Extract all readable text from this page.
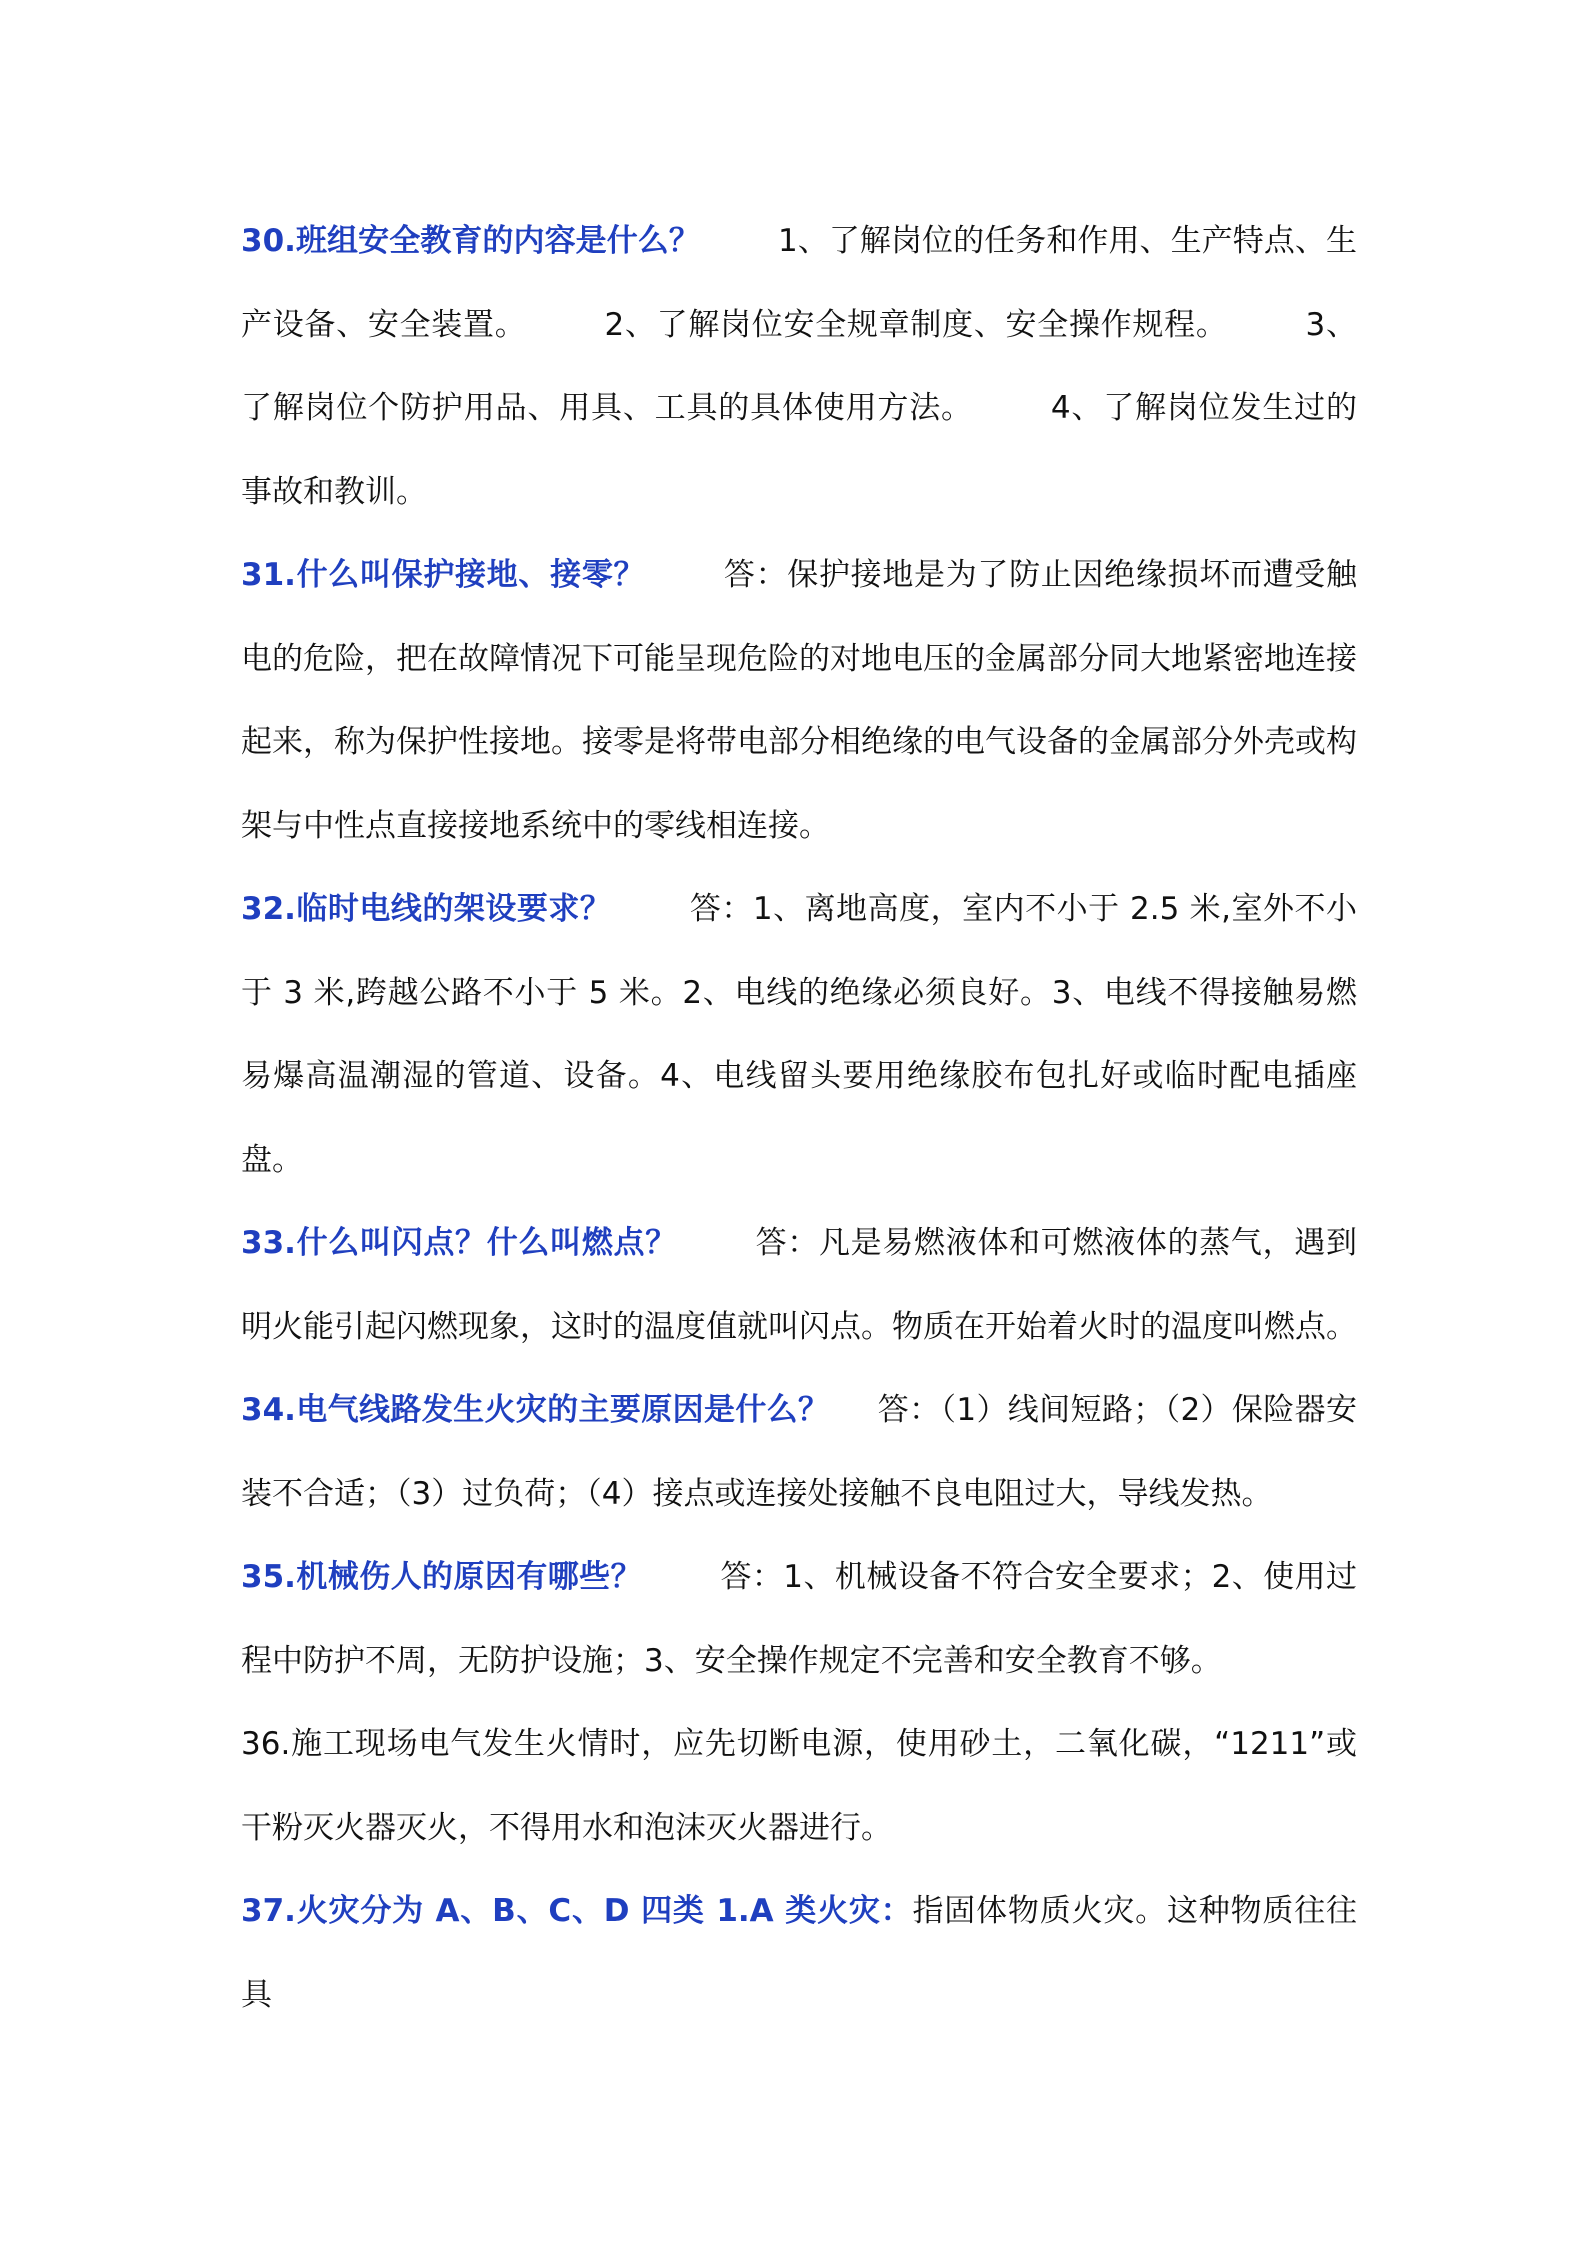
30.班组安全教育的内容是什么？	1、了解岗位的任务和作用、生产特点、生产设备、安全装置。	2、了解岗位安全规章制度、安全操作规程。	3、了解岗位个防护用品、用具、工具的具体使用方法。	4、了解岗位发生过的事故和教训。

31.什么叫保护接地、接零？	答：保护接地是为了防止因绝缘损坏而遭受触电的危险，把在故障情况下可能呈现危险的对地电压的金属部分同大地紧密地连接起来，称为保护性接地。接零是将带电部分相绝缘的电气设备的金属部分外壳或构架与中性点直接接地系统中的零线相连接。

32.临时电线的架设要求？	答：1、离地高度，室内不小于 2.5 米,室外不小于 3 米,跨越公路不小于 5 米。2、电线的绝缘必须良好。3、电线不得接触易燃易爆高温潮湿的管道、设备。4、电线留头要用绝缘胶布包扎好或临时配电插座盘。

33.什么叫闪点？什么叫燃点？	答：凡是易燃液体和可燃液体的蒸气，遇到明火能引起闪燃现象，这时的温度值就叫闪点。物质在开始着火时的温度叫燃点。

34.电气线路发生火灾的主要原因是什么？ 答：（1）线间短路；（2）保险器安装不合适；（3）过负荷；（4）接点或连接处接触不良电阻过大，导线发热。

35.机械伤人的原因有哪些？	答：1、机械设备不符合安全要求；2、使用过程中防护不周，无防护设施；3、安全操作规定不完善和安全教育不够。

36.施工现场电气发生火情时，应先切断电源，使用砂土，二氧化碳，“1211”或干粉灭火器灭火，不得用水和泡沫灭火器进行。

37.火灾分为 A、B、C、D 四类 1.A 类火灾：指固体物质火灾。这种物质往往具
